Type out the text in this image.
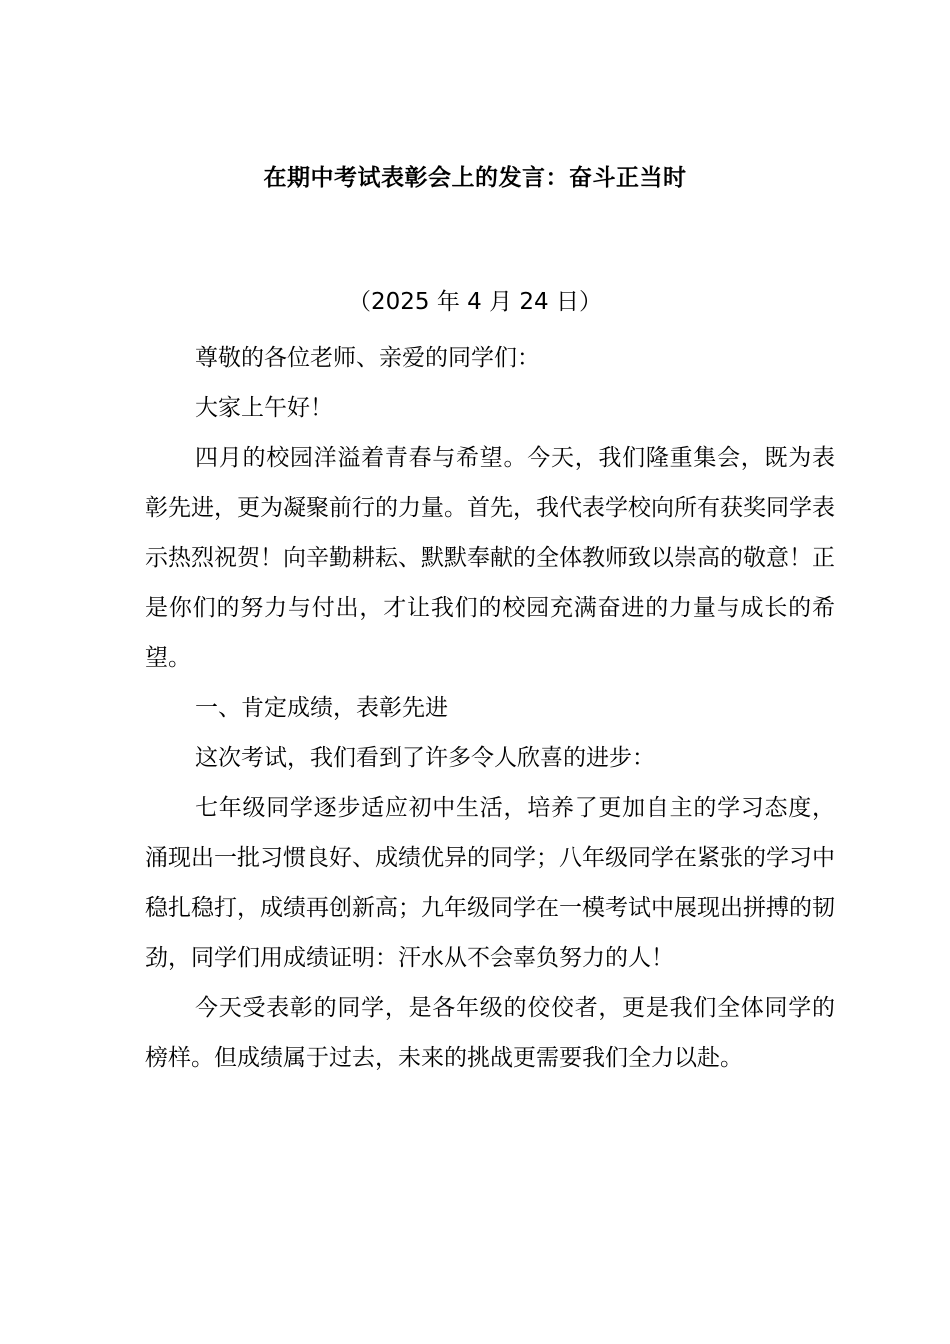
在期中考试表彰会上的发言：奋斗正当时
（2025 年 4 月 24 日）

尊敬的各位老师、亲爱的同学们：

大家上午好！

四月的校园洋溢着青春与希望。今天，我们隆重集会，既为表彰先进，更为凝聚前行的力量。首先，我代表学校向所有获奖同学表示热烈祝贺！向辛勤耕耘、默默奉献的全体教师致以崇高的敬意！正是你们的努力与付出，才让我们的校园充满奋进的力量与成长的希望。

一、肯定成绩，表彰先进

这次考试，我们看到了许多令人欣喜的进步：

七年级同学逐步适应初中生活，培养了更加自主的学习态度，涌现出一批习惯良好、成绩优异的同学；八年级同学在紧张的学习中稳扎稳打，成绩再创新高；九年级同学在一模考试中展现出拼搏的韧劲，同学们用成绩证明：汗水从不会辜负努力的人！

今天受表彰的同学，是各年级的佼佼者，更是我们全体同学的榜样。但成绩属于过去，未来的挑战更需要我们全力以赴。
